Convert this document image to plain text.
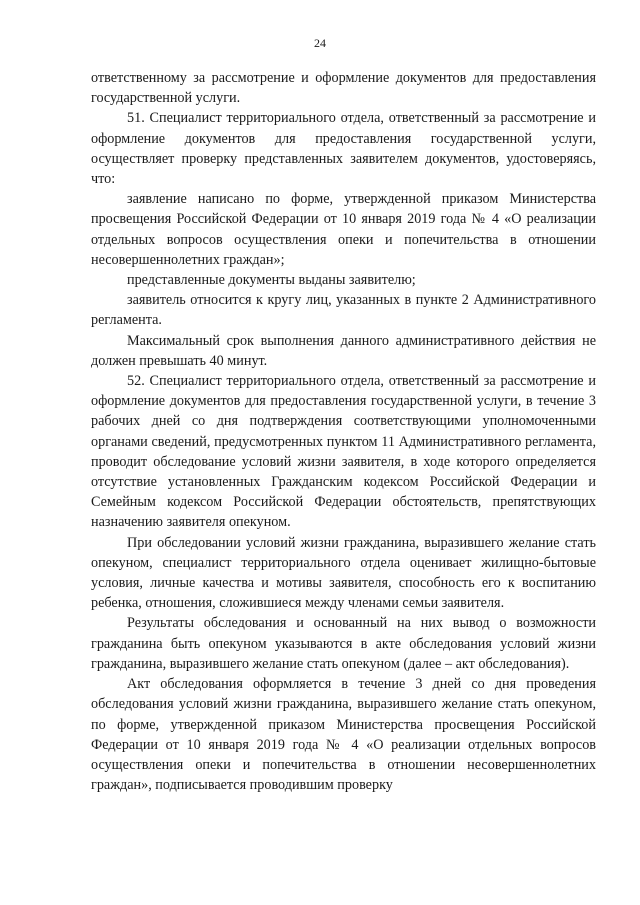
24

ответственному за рассмотрение и оформление документов для предоставления государственной услуги.

51. Специалист территориального отдела, ответственный за рассмотрение и оформление документов для предоставления государственной услуги, осуществляет проверку представленных заявителем документов, удостоверяясь, что:

заявление написано по форме, утвержденной приказом Министерства просвещения Российской Федерации от 10 января 2019 года № 4 «О реализации отдельных вопросов осуществления опеки и попечительства в отношении несовершеннолетних граждан»;

представленные документы выданы заявителю;

заявитель относится к кругу лиц, указанных в пункте 2 Административного регламента.

Максимальный срок выполнения данного административного действия не должен превышать 40 минут.

52. Специалист территориального отдела, ответственный за рассмотрение и оформление документов для предоставления государственной услуги, в течение 3 рабочих дней со дня подтверждения соответствующими уполномоченными органами сведений, предусмотренных пунктом 11 Административного регламента, проводит обследование условий жизни заявителя, в ходе которого определяется отсутствие установленных Гражданским кодексом Российской Федерации и Семейным кодексом Российской Федерации обстоятельств, препятствующих назначению заявителя опекуном.

При обследовании условий жизни гражданина, выразившего желание стать опекуном, специалист территориального отдела оценивает жилищно-бытовые условия, личные качества и мотивы заявителя, способность его к воспитанию ребенка, отношения, сложившиеся между членами семьи заявителя.

Результаты обследования и основанный на них вывод о возможности гражданина быть опекуном указываются в акте обследования условий жизни гражданина, выразившего желание стать опекуном (далее – акт обследования).

Акт обследования оформляется в течение 3 дней со дня проведения обследования условий жизни гражданина, выразившего желание стать опекуном, по форме, утвержденной приказом Министерства просвещения Российской Федерации от 10 января 2019 года № 4 «О реализации отдельных вопросов осуществления опеки и попечительства в отношении несовершеннолетних граждан», подписывается проводившим проверку
